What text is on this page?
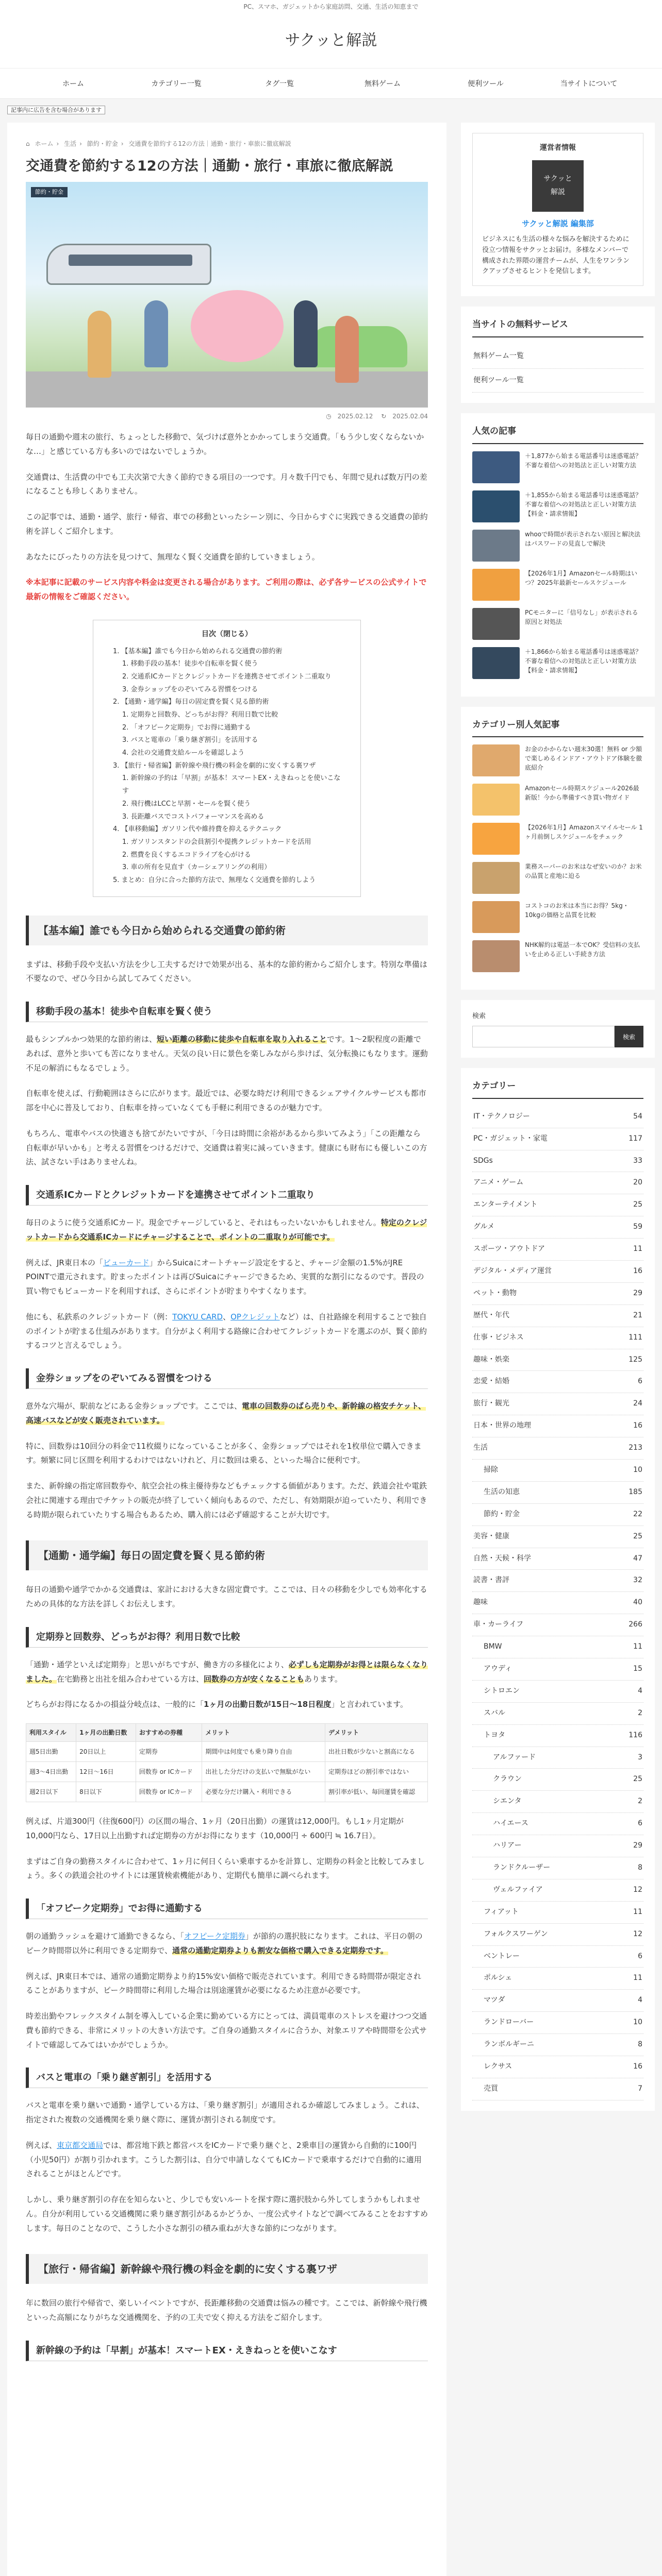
PC、スマホ、ガジェットから家庭訪問、交通、生活の知恵まで
サクッと解説
ホーム	カテゴリー一覧	タグ一覧	無料ゲーム	便利ツール	当サイトについて
記事内に広告を含む場合があります
⌂ ホーム › 生活 › 節約・貯金 › 交通費を節約する12の方法｜通勤・旅行・車旅に徹底解説
交通費を節約する12の方法｜通勤・旅行・車旅に徹底解説
節約・貯金
◷ 2025.02.12 ↻ 2025.02.04

毎日の通勤や週末の旅行、ちょっとした移動で、気づけば意外とかかってしまう交通費。「もう少し安くならないかな…」と感じている方も多いのではないでしょうか。

交通費は、生活費の中でも工夫次第で大きく節約できる項目の一つです。月々数千円でも、年間で見れば数万円の差になることも珍しくありません。

この記事では、通勤・通学、旅行・帰省、車での移動といったシーン別に、今日からすぐに実践できる交通費の節約術を詳しくご紹介します。

あなたにぴったりの方法を見つけて、無理なく賢く交通費を節約していきましょう。

※本記事に記載のサービス内容や料金は変更される場合があります。ご利用の際は、必ず各サービスの公式サイトで最新の情報をご確認ください。

目次（閉じる）
1. 【基本編】誰でも今日から始められる交通費の節約術
1. 移動手段の基本！徒歩や自転車を賢く使う
2. 交通系ICカードとクレジットカードを連携させてポイント二重取り
3. 金券ショップをのぞいてみる習慣をつける
2. 【通勤・通学編】毎日の固定費を賢く見る節約術
1. 定期券と回数券、どっちがお得？利用日数で比較
2. 「オフピーク定期券」でお得に通勤する
3. バスと電車の「乗り継ぎ割引」を活用する
4. 会社の交通費支給ルールを確認しよう
3. 【旅行・帰省編】新幹線や飛行機の料金を劇的に安くする裏ワザ
1. 新幹線の予約は「早割」が基本！スマートEX・えきねっとを使いこなす
2. 飛行機はLCCと早割・セールを賢く使う
3. 長距離バスでコストパフォーマンスを高める
4. 【車移動編】ガソリン代や維持費を抑えるテクニック
1. ガソリンスタンドの会員割引や提携クレジットカードを活用
2. 燃費を良くするエコドライブを心がける
3. 車の所有を見直す（カーシェアリングの利用）
5. まとめ：自分に合った節約方法で、無理なく交通費を節約しよう
【基本編】誰でも今日から始められる交通費の節約術

まずは、移動手段や支払い方法を少し工夫するだけで効果が出る、基本的な節約術からご紹介します。特別な準備は不要なので、ぜひ今日から試してみてください。

移動手段の基本！徒歩や自転車を賢く使う

最もシンプルかつ効果的な節約術は、短い距離の移動に徒歩や自転車を取り入れることです。1〜2駅程度の距離であれば、意外と歩いても苦になりません。天気の良い日に景色を楽しみながら歩けば、気分転換にもなります。運動不足の解消にもなるでしょう。

自転車を使えば、行動範囲はさらに広がります。最近では、必要な時だけ利用できるシェアサイクルサービスも都市部を中心に普及しており、自転車を持っていなくても手軽に利用できるのが魅力です。

もちろん、電車やバスの快適さも捨てがたいですが、「今日は時間に余裕があるから歩いてみよう」「この距離なら自転車が早いかも」と考える習慣をつけるだけで、交通費は着実に減っていきます。健康にも財布にも優しいこの方法、試さない手はありませんね。

交通系ICカードとクレジットカードを連携させてポイント二重取り

毎日のように使う交通系ICカード。現金でチャージしていると、それはもったいないかもしれません。特定のクレジットカードから交通系ICカードにチャージすることで、ポイントの二重取りが可能です。

例えば、JR東日本の「ビューカード」からSuicaにオートチャージ設定をすると、チャージ金額の1.5%がJRE POINTで還元されます。貯まったポイントは再びSuicaにチャージできるため、実質的な割引になるのです。普段の買い物でもビューカードを利用すれば、さらにポイントが貯まりやすくなります。

他にも、私鉄系のクレジットカード（例：TOKYU CARD、OPクレジットなど）は、自社路線を利用することで独自のポイントが貯まる仕組みがあります。自分がよく利用する路線に合わせてクレジットカードを選ぶのが、賢く節約するコツと言えるでしょう。

金券ショップをのぞいてみる習慣をつける

意外な穴場が、駅前などにある金券ショップです。ここでは、電車の回数券のばら売りや、新幹線の格安チケット、高速バスなどが安く販売されています。

特に、回数券は10回分の料金で11枚綴りになっていることが多く、金券ショップではそれを1枚単位で購入できます。頻繁に同じ区間を利用するわけではないけれど、月に数回は乗る、といった場合に便利です。

また、新幹線の指定席回数券や、航空会社の株主優待券などもチェックする価値があります。ただ、鉄道会社や電鉄会社に関連する理由でチケットの販売が終了していく傾向もあるので、ただし、有効期限が迫っていたり、利用できる時期が限られていたりする場合もあるため、購入前には必ず確認することが大切です。

【通勤・通学編】毎日の固定費を賢く見る節約術

毎日の通勤や通学でかかる交通費は、家計における大きな固定費です。ここでは、日々の移動を少しでも効率化するための具体的な方法を詳しくお伝えします。

定期券と回数券、どっちがお得？利用日数で比較

「通勤・通学といえば定期券」と思いがちですが、働き方の多様化により、必ずしも定期券がお得とは限らなくなりました。在宅勤務と出社を組み合わせている方は、回数券の方が安くなることもあります。

どちらがお得になるかの損益分岐点は、一般的に「1ヶ月の出勤日数が15日〜18日程度」と言われています。

利用スタイル	1ヶ月の出勤日数	おすすめの券種	メリット	デメリット
週5日出勤	20日以上	定期券	期間中は何度でも乗り降り自由	出社日数が少ないと割高になる
週3〜4日出勤	12日〜16日	回数券 or ICカード	出社した分だけの支払いで無駄がない	定期券ほどの割引率ではない
週2日以下	8日以下	回数券 or ICカード	必要な分だけ購入・利用できる	割引率が低い、毎回運賃を確認

例えば、片道300円（往復600円）の区間の場合、1ヶ月（20日出勤）の運賃は12,000円。もし1ヶ月定期が10,000円なら、17日以上出勤すれば定期券の方がお得になります（10,000円 ÷ 600円 ≒ 16.7日）。

まずはご自身の勤務スタイルに合わせて、1ヶ月に何日くらい乗車するかを計算し、定期券の料金と比較してみましょう。多くの鉄道会社のサイトには運賃検索機能があり、定期代も簡単に調べられます。

「オフピーク定期券」でお得に通勤する

朝の通勤ラッシュを避けて通勤できるなら、「オフピーク定期券」が節約の選択肢になります。これは、平日の朝のピーク時間帯以外に利用できる定期券で、通常の通勤定期券よりも割安な価格で購入できる定期券です。

例えば、JR東日本では、通常の通勤定期券より約15%安い価格で販売されています。利用できる時間帯が限定されることがありますが、ピーク時間帯に利用した場合は別途運賃が必要になるため注意が必要です。

時差出勤やフレックスタイム制を導入している企業に勤めている方にとっては、満員電車のストレスを避けつつ交通費も節約できる、非常にメリットの大きい方法です。ご自身の通勤スタイルに合うか、対象エリアや時間帯を公式サイトで確認してみてはいかがでしょうか。

バスと電車の「乗り継ぎ割引」を活用する

バスと電車を乗り継いで通勤・通学している方は、「乗り継ぎ割引」が適用されるか確認してみましょう。これは、指定された複数の交通機関を乗り継ぐ際に、運賃が割引される制度です。

例えば、東京都交通局では、都営地下鉄と都営バスをICカードで乗り継ぐと、2乗車目の運賃から自動的に100円（小児50円）が割り引かれます。こうした割引は、自分で申請しなくてもICカードで乗車するだけで自動的に適用されることがほとんどです。

しかし、乗り継ぎ割引の存在を知らないと、少しでも安いルートを探す際に選択肢から外してしまうかもしれません。自分が利用している交通機関に乗り継ぎ割引があるかどうか、一度公式サイトなどで調べてみることをおすすめします。毎日のことなので、こうした小さな割引の積み重ねが大きな節約につながります。

【旅行・帰省編】新幹線や飛行機の料金を劇的に安くする裏ワザ

年に数回の旅行や帰省で、楽しいイベントですが、長距離移動の交通費は悩みの種です。ここでは、新幹線や飛行機といった高額になりがちな交通機関を、予約の工夫で安く抑える方法をご紹介します。

新幹線の予約は「早割」が基本！スマートEX・えきねっとを使いこなす
運営者情報
サクッと
解説
サクッと解説 編集部
ビジネスにも生活の様々な悩みを解決するために役立つ情報をサクッとお届け。多様なメンバーで構成された界隈の運営チームが、人生をワンランクアップさせるヒントを発信します。
当サイトの無料サービス
無料ゲーム一覧
便利ツール一覧
人気の記事
＋1,877から始まる電話番号は迷惑電話？不審な着信への対処法と正しい対策方法
＋1,855から始まる電話番号は迷惑電話？不審な着信への対処法と正しい対策方法【料金・請求情報】
whooで時間が表示されない原因と解決法はパスワードの見直しで解決
【2026年1月】Amazonセール時期はいつ？2025年最新セールスケジュール
PCモニターに「信号なし」が表示される原因と対処法
＋1,866から始まる電話番号は迷惑電話？不審な着信への対処法と正しい対策方法【料金・請求情報】
カテゴリー別人気記事
お金のかからない週末30選！無料 or 少額で楽しめるインドア・アウトドア体験を徹底紹介
Amazonセール時期スケジュール2026最新版！今から準備すべき買い物ガイド
【2026年1月】Amazonスマイルセール 1ヶ月前倒しスケジュールをチェック
業務スーパーのお米はなぜ安いのか？お米の品質と産地に迫る
コストコのお米は本当にお得？5kg・10kgの価格と品質を比較
NHK解約は電話一本でOK？受信料の支払いを止める正しい手続き方法
検索
検索
カテゴリー
IT・テクノロジー	54
PC・ガジェット・家電	117
SDGs	33
アニメ・ゲーム	20
エンターテイメント	25
グルメ	59
スポーツ・アウトドア	11
デジタル・メディア運営	16
ペット・動物	29
歴代・年代	21
仕事・ビジネス	111
趣味・娯楽	125
恋愛・結婚	6
旅行・観光	24
日本・世界の地理	16
生活	213
掃除	10
生活の知恵	185
節約・貯金	22
美容・健康	25
自然・天候・科学	47
読書・書評	32
趣味	40
車・カーライフ	266
BMW	11
アウディ	15
シトロエン	4
スバル	2
トヨタ	116
アルファード	3
クラウン	25
シエンタ	2
ハイエース	6
ハリアー	29
ランドクルーザー	8
ヴェルファイア	12
フィアット	11
フォルクスワーゲン	12
ベントレー	6
ポルシェ	11
マツダ	4
ランドローバー	10
ランボルギーニ	8
レクサス	16
売買	7
